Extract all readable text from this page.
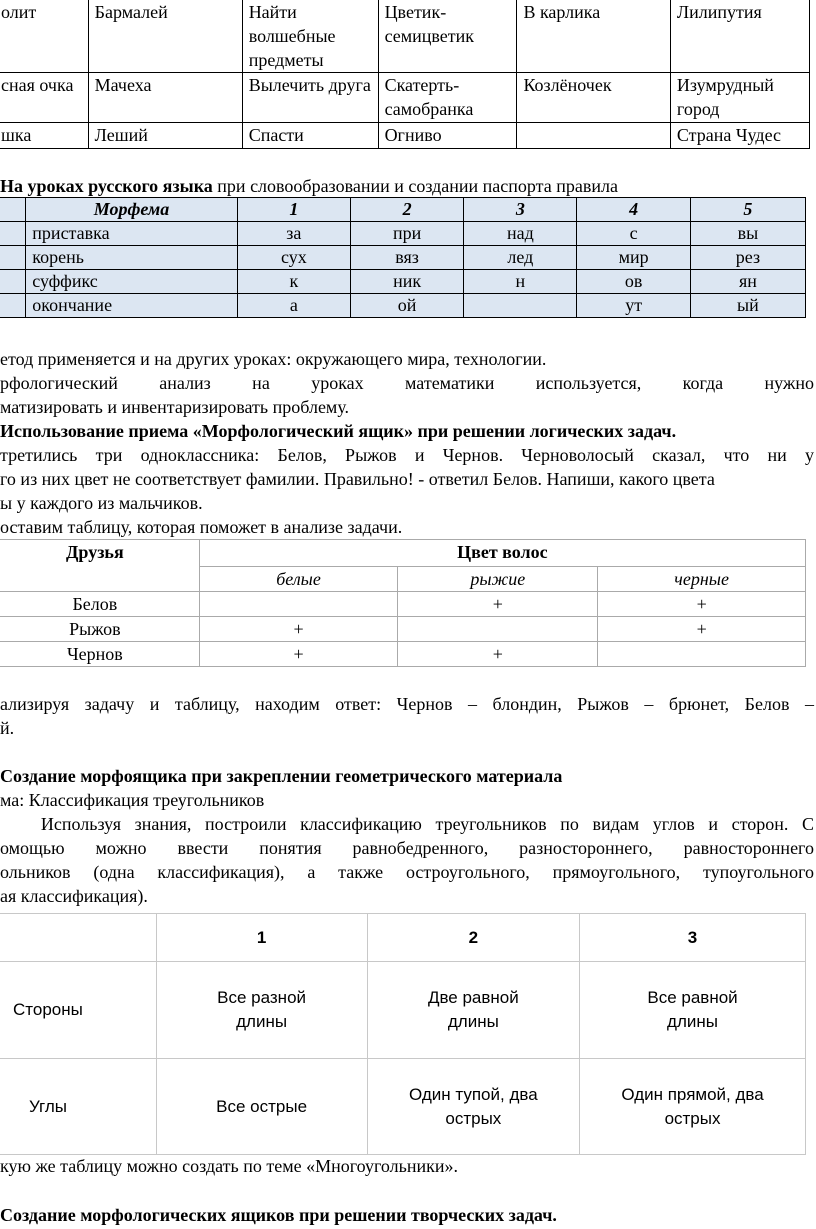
олит	Бармалей	Найти волшебные предметы	Цветик-семицветик	В карлика	Лилипутия
сная очка	Мачеха	Вылечить друга	Скатерть-самобранка	Козлёночек	Изумрудный город
шка	Леший	Спасти	Огниво		Страна Чудес
На уроках русского языка при словообразовании и создании паспорта правила
	Морфема	1	2	3	4	5
	приставка	за	при	над	с	вы
	корень	сух	вяз	лед	мир	рез
	суффикс	к	ник	н	ов	ян
	окончание	а	ой		ут	ый
етод применяется и на других уроках: окружающего мира, технологии.
рфологический анализ на уроках математики используется, когда нужно
матизировать и инвентаризировать проблему.
Использование приема «Морфологический ящик» при решении логических задач.
третились три одноклассника: Белов, Рыжов и Чернов. Черноволосый сказал, что ни у
го из них цвет не соответствует фамилии. Правильно! - ответил Белов. Напиши, какого цвета
ы у каждого из мальчиков.
оставим таблицу, которая поможет в анализе задачи.
Друзья	Цвет волос		
	белые	рыжие	черные
Белов		+	+
Рыжов	+		+
Чернов	+	+	
ализируя задачу и таблицу, находим ответ: Чернов – блондин, Рыжов – брюнет, Белов –
й.
Создание морфоящика при закреплении геометрического материала
ма: Классификация треугольников
Используя знания, построили классификацию треугольников по видам углов и сторон. С
омощью можно ввести понятия равнобедренного, разностороннего, равностороннего
ольников (одна классификация), а также остроугольного, прямоугольного, тупоугольного
ая классификация).
	1	2	3
Стороны	Все разной длины	Две равной длины	Все равной длины
Углы	Все острые	Один тупой, два острых	Один прямой, два острых
кую же таблицу можно создать по теме «Многоугольники».
Создание морфологических ящиков при решении творческих задач.
